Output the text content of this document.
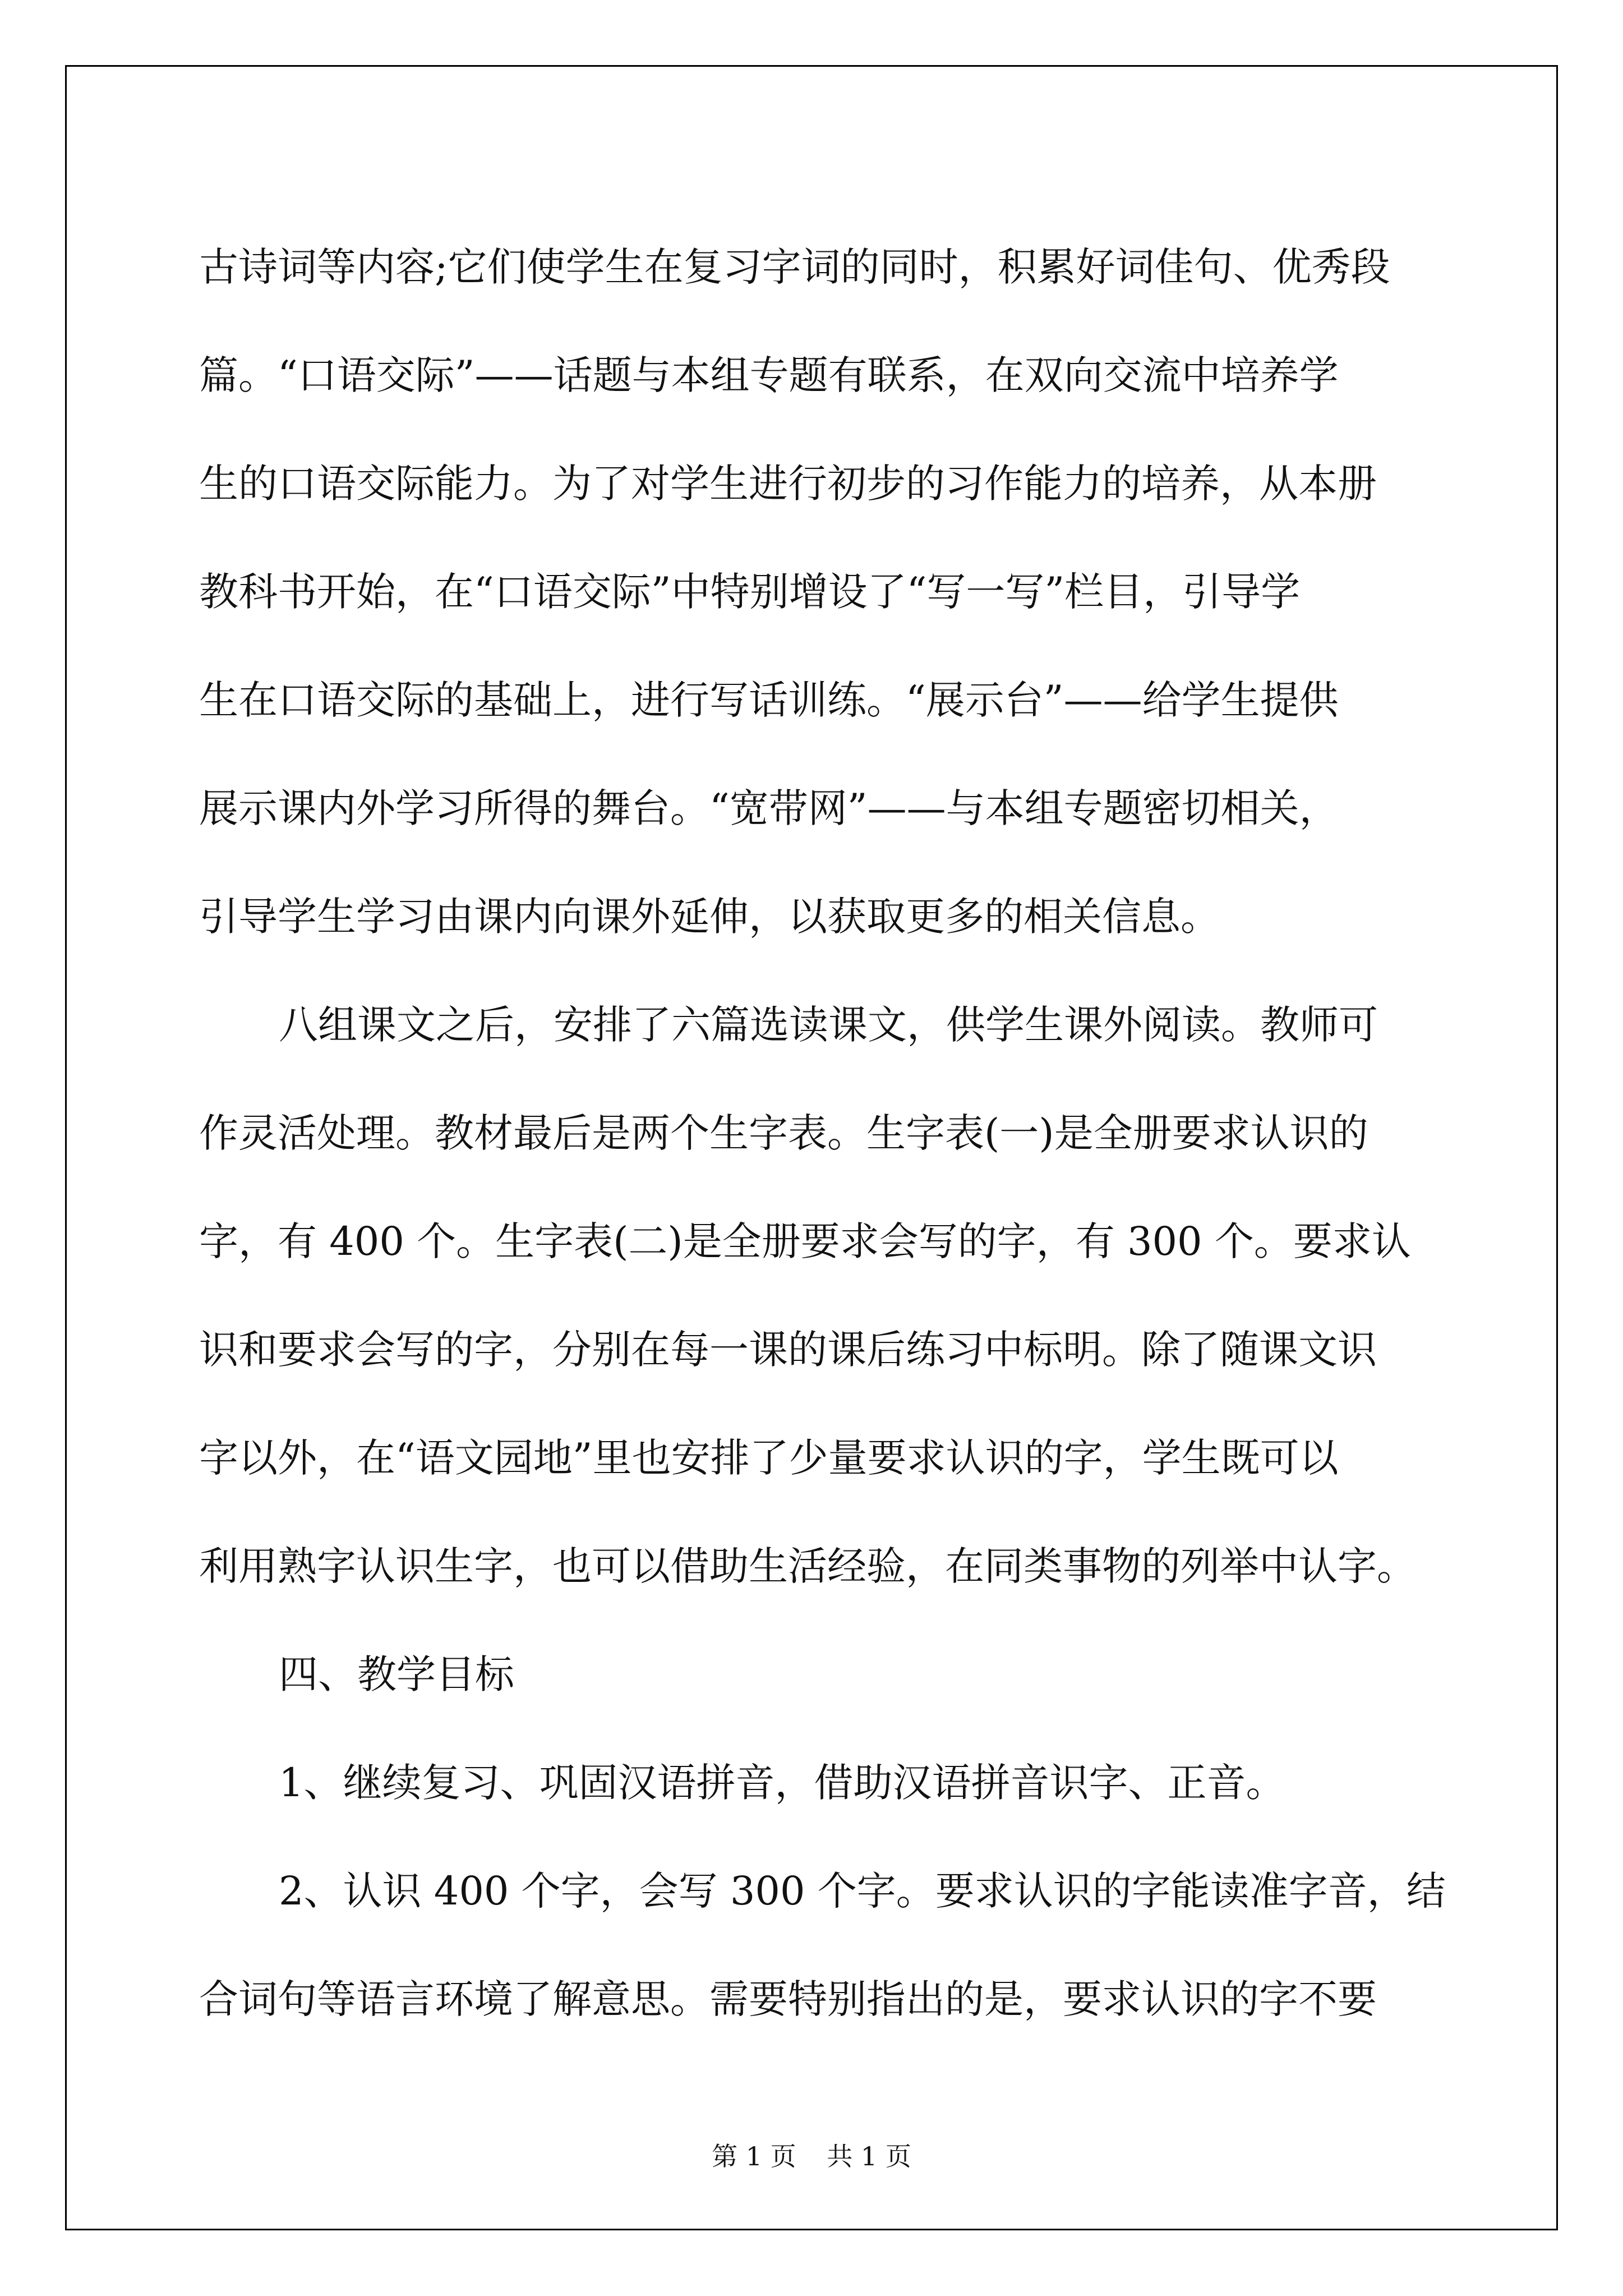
古诗词等内容;它们使学生在复习字词的同时，积累好词佳句、优秀段
篇。“口语交际”——话题与本组专题有联系，在双向交流中培养学
生的口语交际能力。为了对学生进行初步的习作能力的培养，从本册
教科书开始，在“口语交际”中特别增设了“写一写”栏目，引导学
生在口语交际的基础上，进行写话训练。“展示台”——给学生提供
展示课内外学习所得的舞台。“宽带网”——与本组专题密切相关，
引导学生学习由课内向课外延伸，以获取更多的相关信息。
八组课文之后，安排了六篇选读课文，供学生课外阅读。教师可
作灵活处理。教材最后是两个生字表。生字表(一)是全册要求认识的
字，有 400 个。生字表(二)是全册要求会写的字，有 300 个。要求认
识和要求会写的字，分别在每一课的课后练习中标明。除了随课文识
字以外，在“语文园地”里也安排了少量要求认识的字，学生既可以
利用熟字认识生字，也可以借助生活经验，在同类事物的列举中认字。
四、教学目标
1、继续复习、巩固汉语拼音，借助汉语拼音识字、正音。
2、认识 400 个字，会写 300 个字。要求认识的字能读准字音，结
合词句等语言环境了解意思。需要特别指出的是，要求认识的字不要
第 1 页 共 1 页
